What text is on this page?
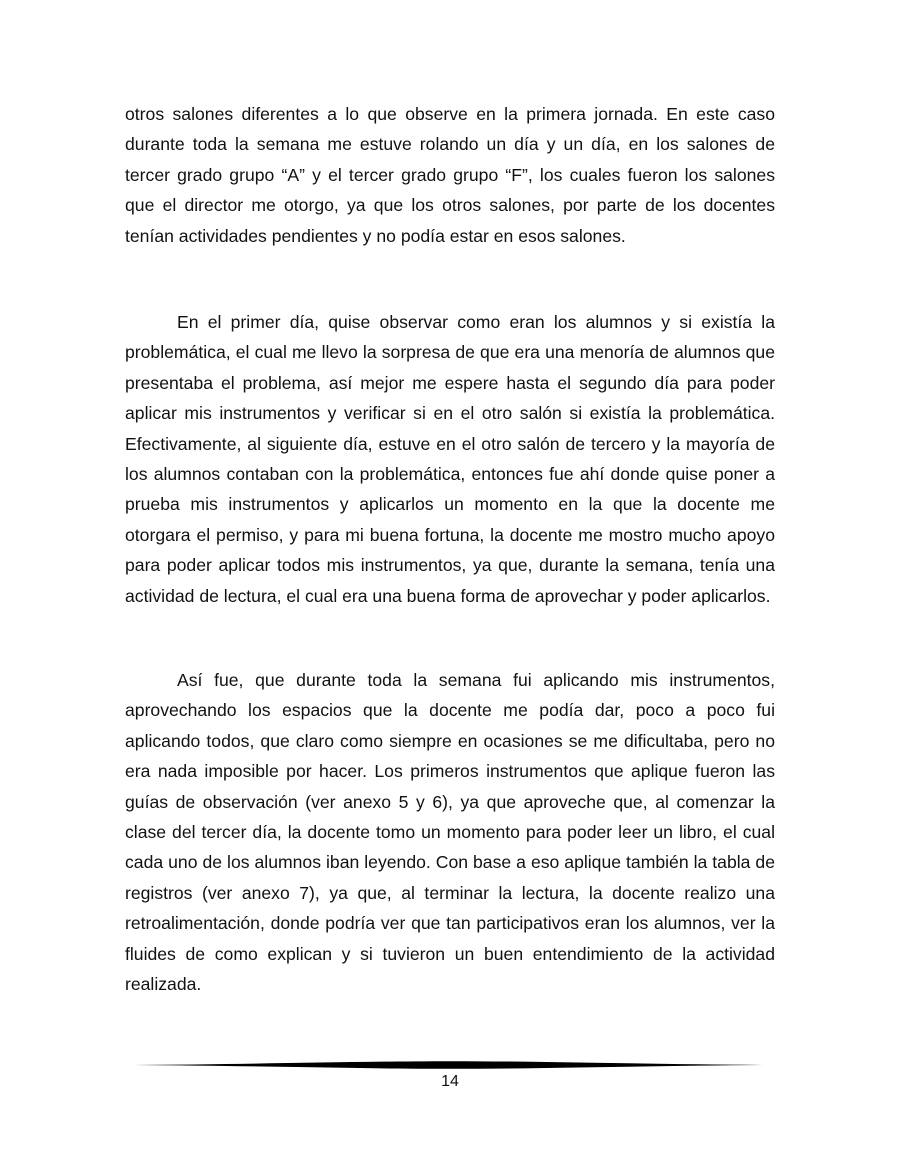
otros salones diferentes a lo que observe en la primera jornada. En este caso durante toda la semana me estuve rolando un día y un día, en los salones de tercer grado grupo “A” y el tercer grado grupo “F”, los cuales fueron los salones que el director me otorgo, ya que los otros salones, por parte de los docentes tenían actividades pendientes y no podía estar en esos salones.

En el primer día, quise observar como eran los alumnos y si existía la problemática, el cual me llevo la sorpresa de que era una menoría de alumnos que presentaba el problema, así mejor me espere hasta el segundo día para poder aplicar mis instrumentos y verificar si en el otro salón si existía la problemática. Efectivamente, al siguiente día, estuve en el otro salón de tercero y la mayoría de los alumnos contaban con la problemática, entonces fue ahí donde quise poner a prueba mis instrumentos y aplicarlos un momento en la que la docente me otorgara el permiso, y para mi buena fortuna, la docente me mostro mucho apoyo para poder aplicar todos mis instrumentos, ya que, durante la semana, tenía una actividad de lectura, el cual era una buena forma de aprovechar y poder aplicarlos.

Así fue, que durante toda la semana fui aplicando mis instrumentos, aprovechando los espacios que la docente me podía dar, poco a poco fui aplicando todos, que claro como siempre en ocasiones se me dificultaba, pero no era nada imposible por hacer. Los primeros instrumentos que aplique fueron las guías de observación (ver anexo 5 y 6), ya que aproveche que, al comenzar la clase del tercer día, la docente tomo un momento para poder leer un libro, el cual cada uno de los alumnos iban leyendo. Con base a eso aplique también la tabla de registros (ver anexo 7), ya que, al terminar la lectura, la docente realizo una retroalimentación, donde podría ver que tan participativos eran los alumnos, ver la fluides de como explican y si tuvieron un buen entendimiento de la actividad realizada.

14
